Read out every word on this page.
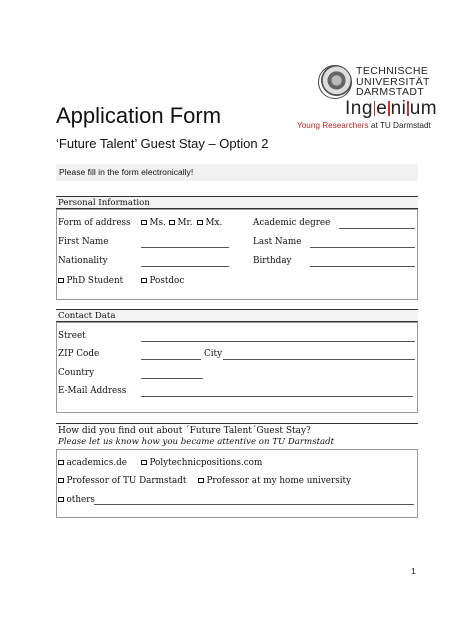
TECHNISCHE
UNIVERSITÄT
DARMSTADT
Ing e ni um
Young Researchers at TU Darmstadt
Application Form
‘Future Talent’ Guest Stay – Option 2
Please fill in the form electronically!
Personal Information
Form of address	Ms.	Mr.	Mx.	Academic degree
First Name	Last Name
Nationality	Birthday
PhD Student	Postdoc
Contact Data
Street
ZIP Code	City
Country
E-Mail Address
How did you find out about ´Future Talent´Guest Stay?
Please let us know how you became attentive on TU Darmstadt
academics.de	Polytechnicpositions.com
Professor of TU Darmstadt	Professor at my home university
others
1
